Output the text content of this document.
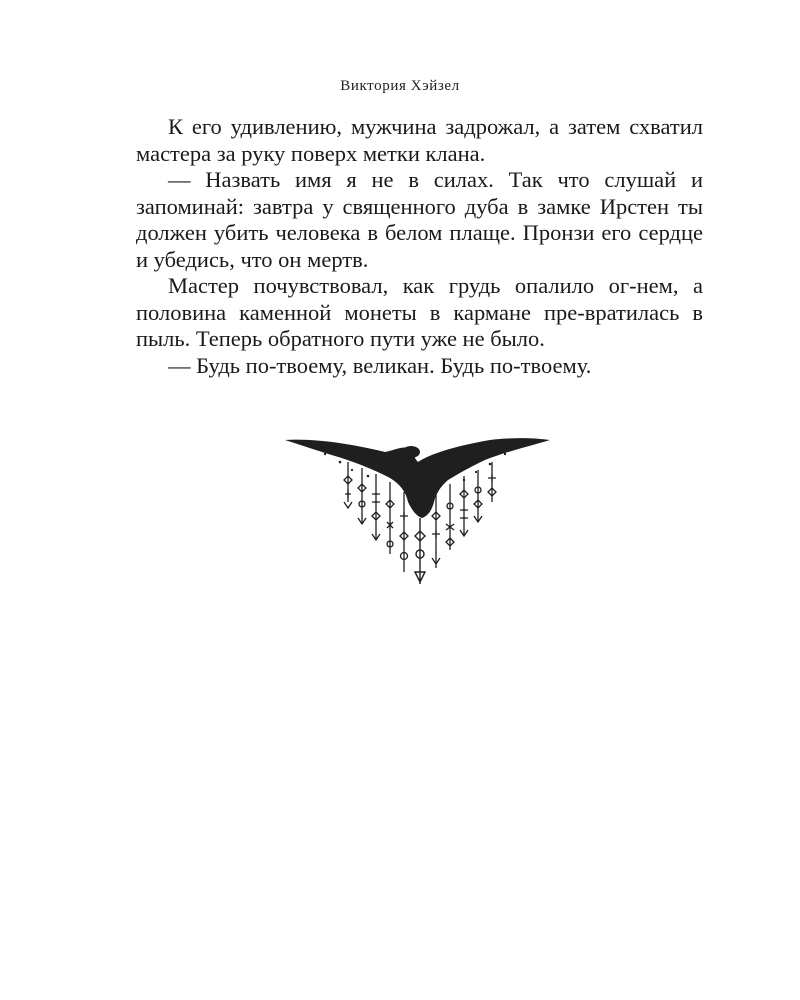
Виктория Хэйзел

К его удивлению, мужчина задрожал, а затем схватил мастера за руку поверх метки клана.

— Назвать имя я не в силах. Так что слушай и запоминай: завтра у священного дуба в замке Ирстен ты должен убить человека в белом плаще. Пронзи его сердце и убедись, что он мертв.

Мастер почувствовал, как грудь опалило ог-нем, а половина каменной монеты в кармане пре-вратилась в пыль. Теперь обратного пути уже не было.

— Будь по-твоему, великан. Будь по-твоему.
